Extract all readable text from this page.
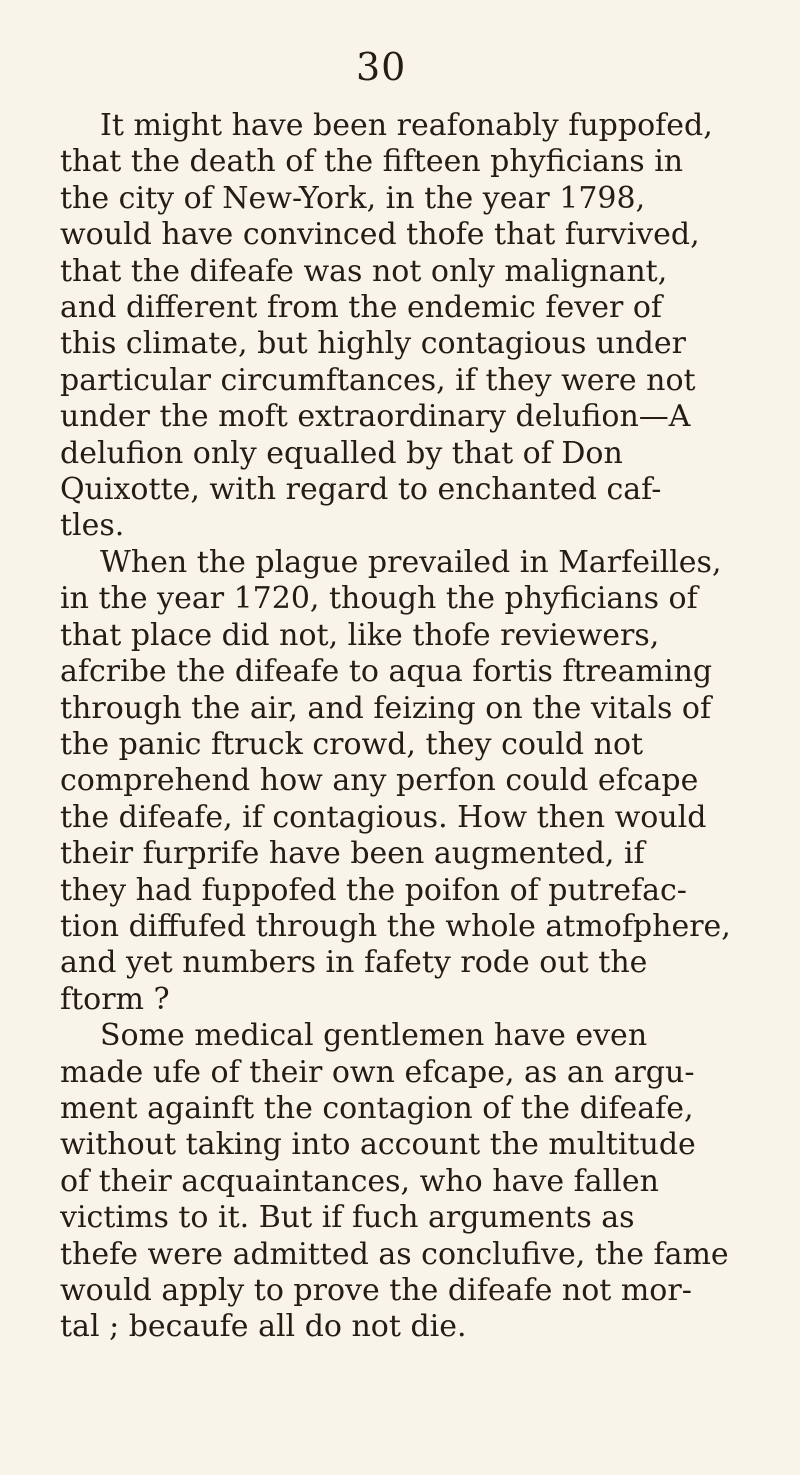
30
It might have been reafonably fuppofed,
that the death of the fifteen phyficians in
the city of New-York, in the year 1798,
would have convinced thofe that furvived,
that the difeafe was not only malignant,
and different from the endemic fever of
this climate, but highly contagious under
particular circumftances, if they were not
under the moft extraordinary delufion—A
delufion only equalled by that of Don
Quixotte, with regard to enchanted caf-
tles.
When the plague prevailed in Marfeilles,
in the year 1720, though the phyficians of
that place did not, like thofe reviewers,
afcribe the difeafe to aqua fortis ftreaming
through the air, and feizing on the vitals of
the panic ftruck crowd, they could not
comprehend how any perfon could efcape
the difeafe, if contagious. How then would
their furprife have been augmented, if
they had fuppofed the poifon of putrefac-
tion diffufed through the whole atmofphere,
and yet numbers in fafety rode out the
ftorm ?
Some medical gentlemen have even
made ufe of their own efcape, as an argu-
ment againft the contagion of the difeafe,
without taking into account the multitude
of their acquaintances, who have fallen
victims to it. But if fuch arguments as
thefe were admitted as conclufive, the fame
would apply to prove the difeafe not mor-
tal ; becaufe all do not die.
